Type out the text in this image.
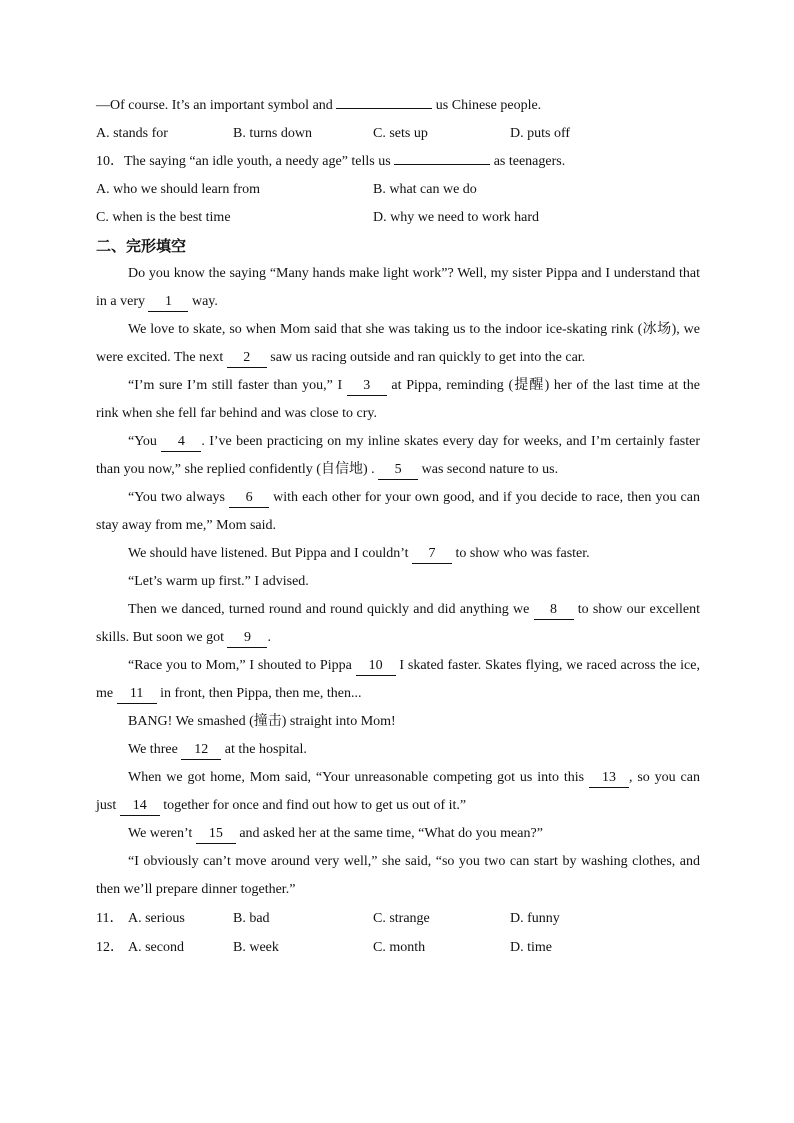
—Of course. It’s an important symbol and	us Chinese people.
A. stands for	B. turns down	C. sets up	D. puts off
10．The saying “an idle youth, a needy age” tells us	as teenagers.
A. who we should learn from	B. what can we do
C. when is the best time	D. why we need to work hard
二、完形填空

Do you know the saying “Many hands make light work”? Well, my sister Pippa and I understand that in a very 1 way.

We love to skate, so when Mom said that she was taking us to the indoor ice-skating rink (冰场), we were excited. The next 2 saw us racing outside and ran quickly to get into the car.

“I’m sure I’m still faster than you,” I 3 at Pippa, reminding (提醒) her of the last time at the rink when she fell far behind and was close to cry.

“You 4 . I’ve been practicing on my inline skates every day for weeks, and I’m certainly faster than you now,” she replied confidently (自信地) . 5 was second nature to us.

“You two always 6 with each other for your own good, and if you decide to race, then you can stay away from me,” Mom said.

We should have listened. But Pippa and I couldn’t 7 to show who was faster.

“Let’s warm up first.” I advised.

Then we danced, turned round and round quickly and did anything we 8 to show our excellent skills. But soon we got 9 .

“Race you to Mom,” I shouted to Pippa 10 I skated faster. Skates flying, we raced across the ice, me 11 in front, then Pippa, then me, then...

BANG! We smashed (撞击) straight into Mom!

We three 12 at the hospital.

When we got home, Mom said, “Your unreasonable competing got us into this 13 , so you can just 14 together for once and find out how to get us out of it.”

We weren’t 15 and asked her at the same time, “What do you mean?”

“I obviously can’t move around very well,” she said, “so you two can start by washing clothes, and then we’ll prepare dinner together.”

11． A. serious	B. bad	C. strange	D. funny
12． A. second	B. week	C. month	D. time
